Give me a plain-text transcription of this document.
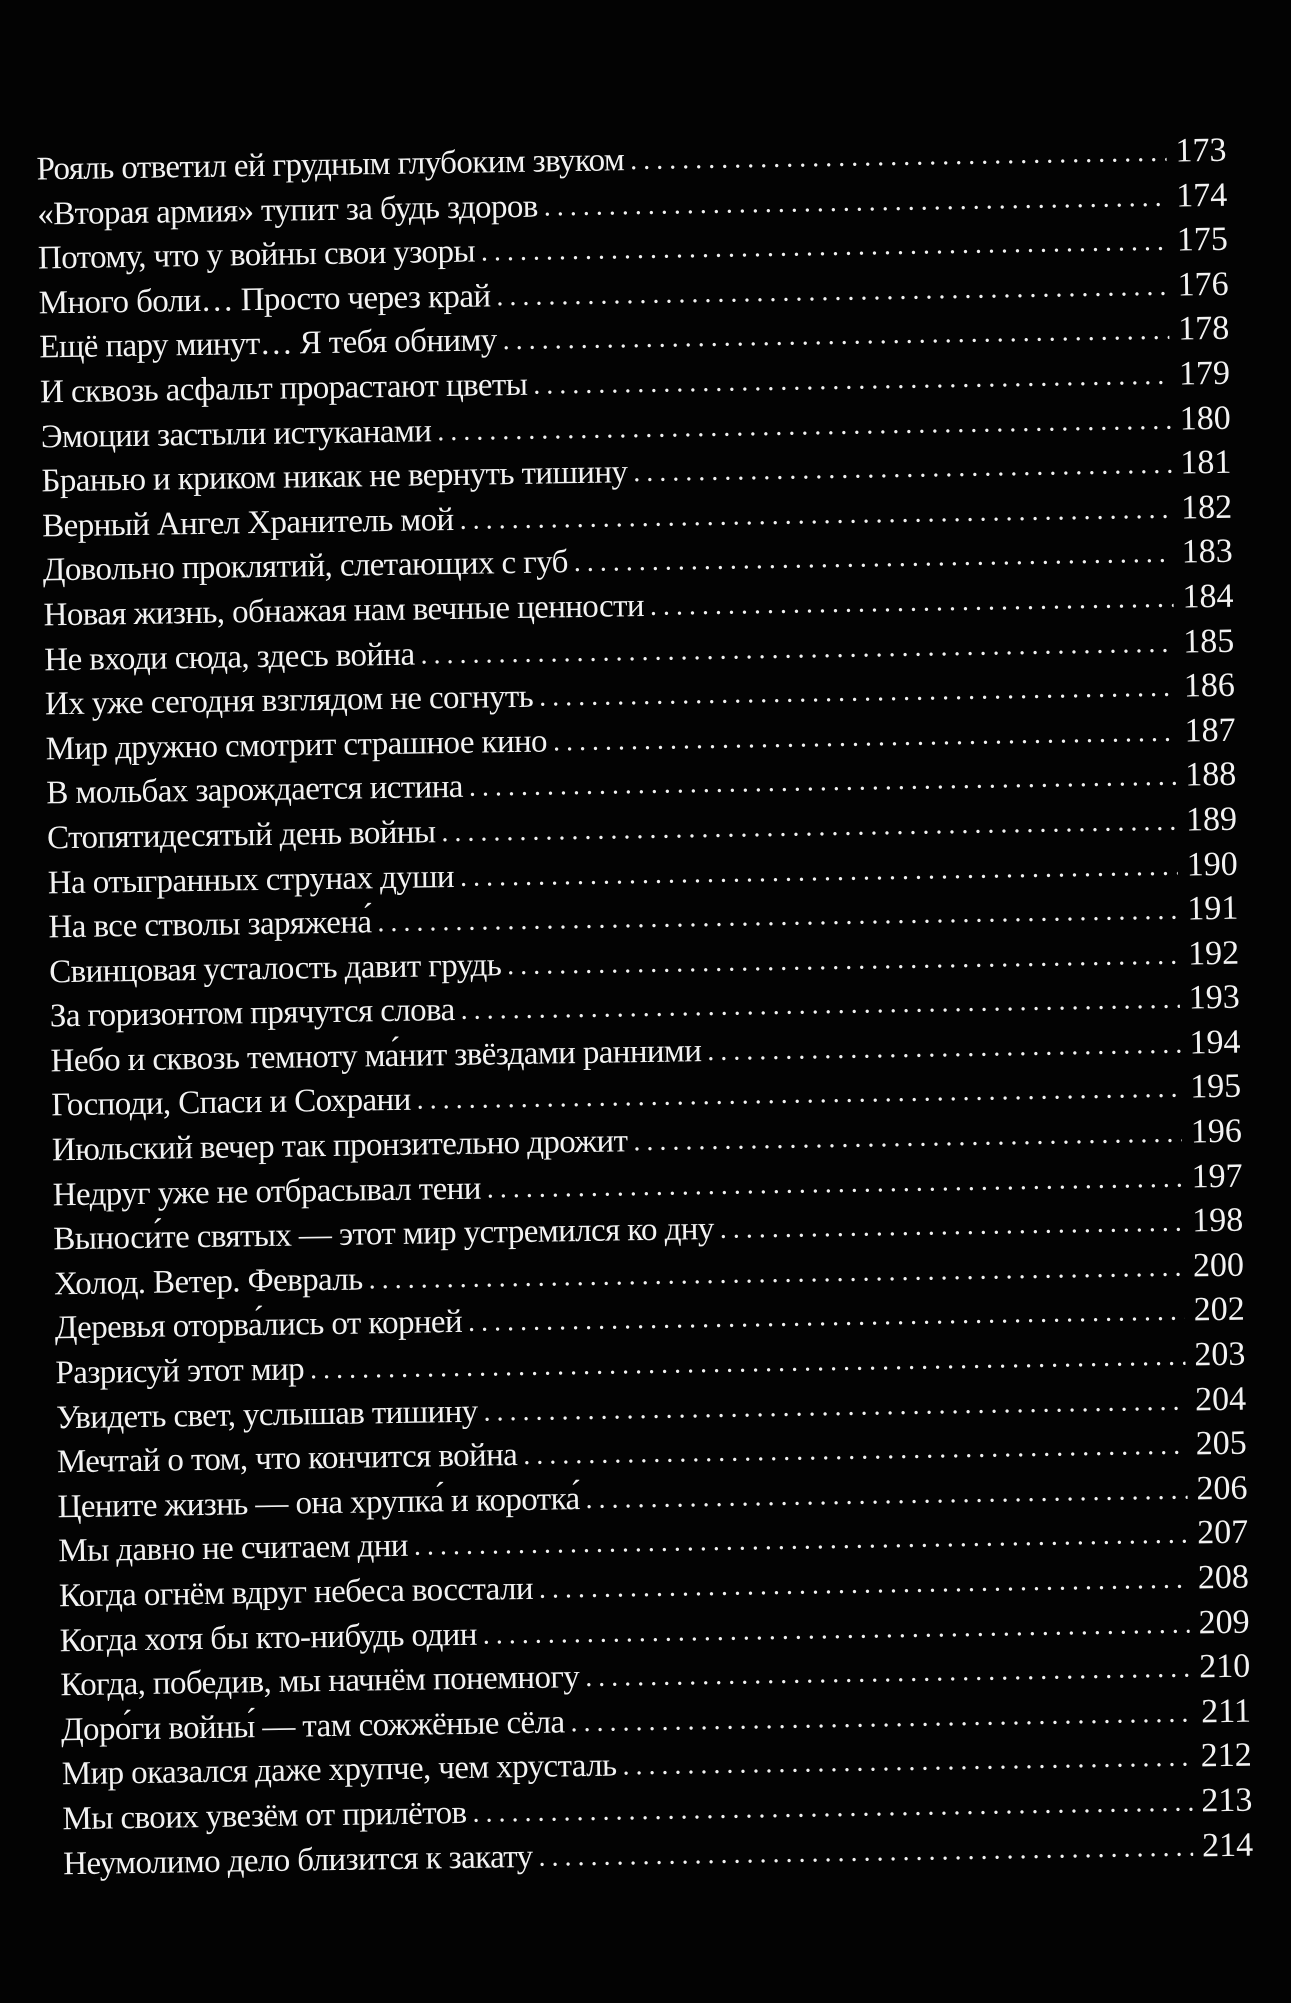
Рояль ответил ей грудным глубоким звуком . . .	173
«Вторая армия» тупит за будь здоров . . .	174
Потому, что у войны свои узоры . . .	175
Много боли… Просто через край . . .	176
Ещё пару минут… Я тебя обниму . . .	178
И сквозь асфальт прорастают цветы . . .	179
Эмоции застыли истуканами . . .	180
Бранью и криком никак не вернуть тишину . . .	181
Верный Ангел Хранитель мой . . .	182
Довольно проклятий, слетающих с губ . . .	183
Новая жизнь, обнажая нам вечные ценности . . .	184
Не входи сюда, здесь война . . .	185
Их уже сегодня взглядом не согнуть . . .	186
Мир дружно смотрит страшное кино . . .	187
В мольбах зарождается истина . . .	188
Стопятидесятый день войны . . .	189
На отыгранных струнах души . . .	190
На все стволы заряжена́ . . .	191
Свинцовая усталость давит грудь . . .	192
За горизонтом прячутся слова . . .	193
Небо и сквозь темноту ма́нит звёздами ранними . . .	194
Господи, Спаси и Сохрани . . .	195
Июльский вечер так пронзительно дрожит . . .	196
Недруг уже не отбрасывал тени . . .	197
Выноси́те святых — этот мир устремился ко дну . . .	198
Холод. Ветер. Февраль . . .	200
Деревья оторва́лись от корней . . .	202
Разрисуй этот мир . . .	203
Увидеть свет, услышав тишину . . .	204
Мечтай о том, что кончится война . . .	205
Цените жизнь — она хрупка́ и коротка́ . . .	206
Мы давно не считаем дни . . .	207
Когда огнём вдруг небеса восстали . . .	208
Когда хотя бы кто-нибудь один . . .	209
Когда, победив, мы начнём понемногу . . .	210
Доро́ги войны́ — там сожжёные сёла . . .	211
Мир оказался даже хрупче, чем хрусталь . . .	212
Мы своих увезём от прилётов . . .	213
Неумолимо дело близится к закату . . .	214
